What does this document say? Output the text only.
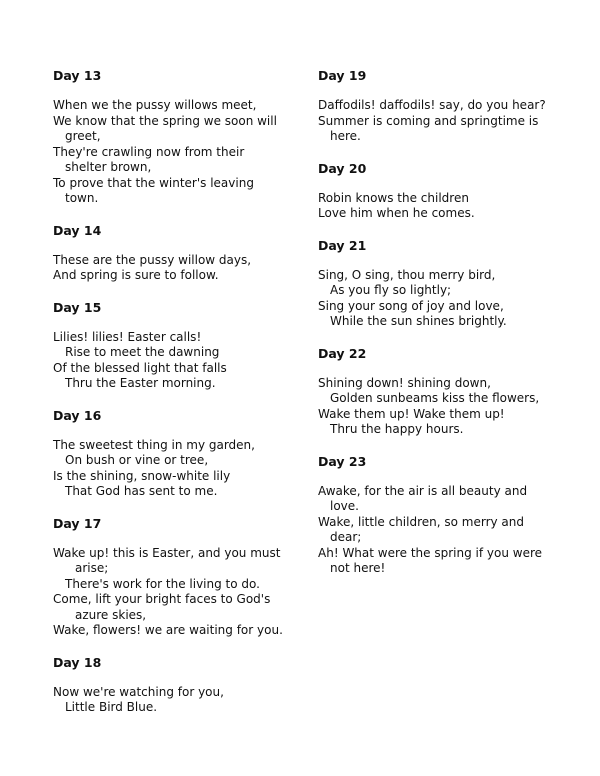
Day 13
When we the pussy willows meet,
We know that the spring we soon will
greet,
They're crawling now from their
shelter brown,
To prove that the winter's leaving
town.
Day 14
These are the pussy willow days,
And spring is sure to follow.
Day 15
Lilies! lilies! Easter calls!
Rise to meet the dawning
Of the blessed light that falls
Thru the Easter morning.
Day 16
The sweetest thing in my garden,
On bush or vine or tree,
Is the shining, snow-white lily
That God has sent to me.
Day 17
Wake up! this is Easter, and you must
arise;
There's work for the living to do.
Come, lift your bright faces to God's
azure skies,
Wake, flowers! we are waiting for you.
Day 18
Now we're watching for you,
Little Bird Blue.
Day 19
Daffodils! daffodils! say, do you hear?
Summer is coming and springtime is
here.
Day 20
Robin knows the children
Love him when he comes.
Day 21
Sing, O sing, thou merry bird,
As you fly so lightly;
Sing your song of joy and love,
While the sun shines brightly.
Day 22
Shining down! shining down,
Golden sunbeams kiss the flowers,
Wake them up! Wake them up!
Thru the happy hours.
Day 23
Awake, for the air is all beauty and
love.
Wake, little children, so merry and
dear;
Ah! What were the spring if you were
not here!
